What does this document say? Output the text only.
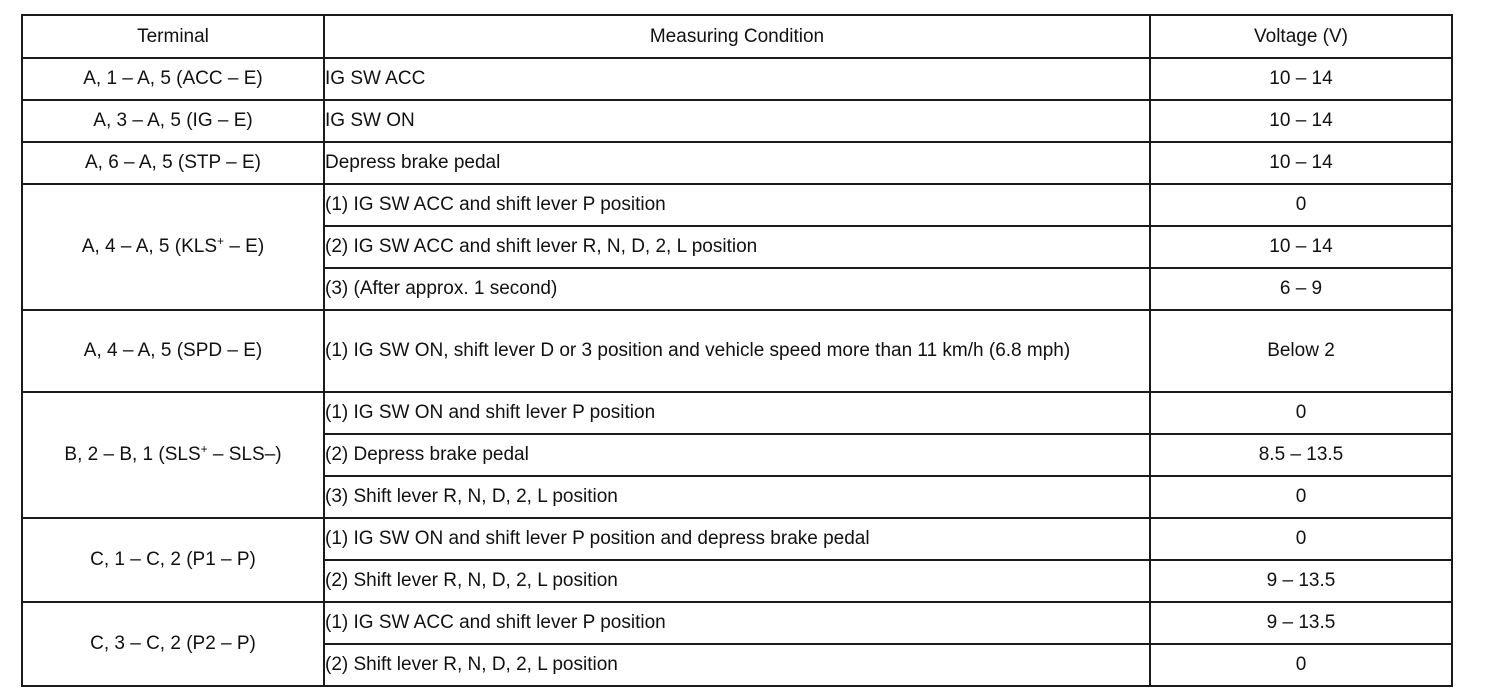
Terminal	Measuring Condition	Voltage (V)
A, 1 – A, 5 (ACC – E)	IG SW ACC	10 – 14
A, 3 – A, 5 (IG – E)	IG SW ON	10 – 14
A, 6 – A, 5 (STP – E)	Depress brake pedal	10 – 14
A, 4 – A, 5 (KLS+ – E)	(1) IG SW ACC and shift lever P position	0
	(2) IG SW ACC and shift lever R, N, D, 2, L position	10 – 14
	(3) (After approx. 1 second)	6 – 9
A, 4 – A, 5 (SPD – E)	(1) IG SW ON, shift lever D or 3 position and vehicle speed more than 11 km/h (6.8 mph)	Below 2
B, 2 – B, 1 (SLS+ – SLS–)	(1) IG SW ON and shift lever P position	0
	(2) Depress brake pedal	8.5 – 13.5
	(3) Shift lever R, N, D, 2, L position	0
C, 1 – C, 2 (P1 – P)	(1) IG SW ON and shift lever P position and depress brake pedal	0
	(2) Shift lever R, N, D, 2, L position	9 – 13.5
C, 3 – C, 2 (P2 – P)	(1) IG SW ACC and shift lever P position	9 – 13.5
	(2) Shift lever R, N, D, 2, L position	0
